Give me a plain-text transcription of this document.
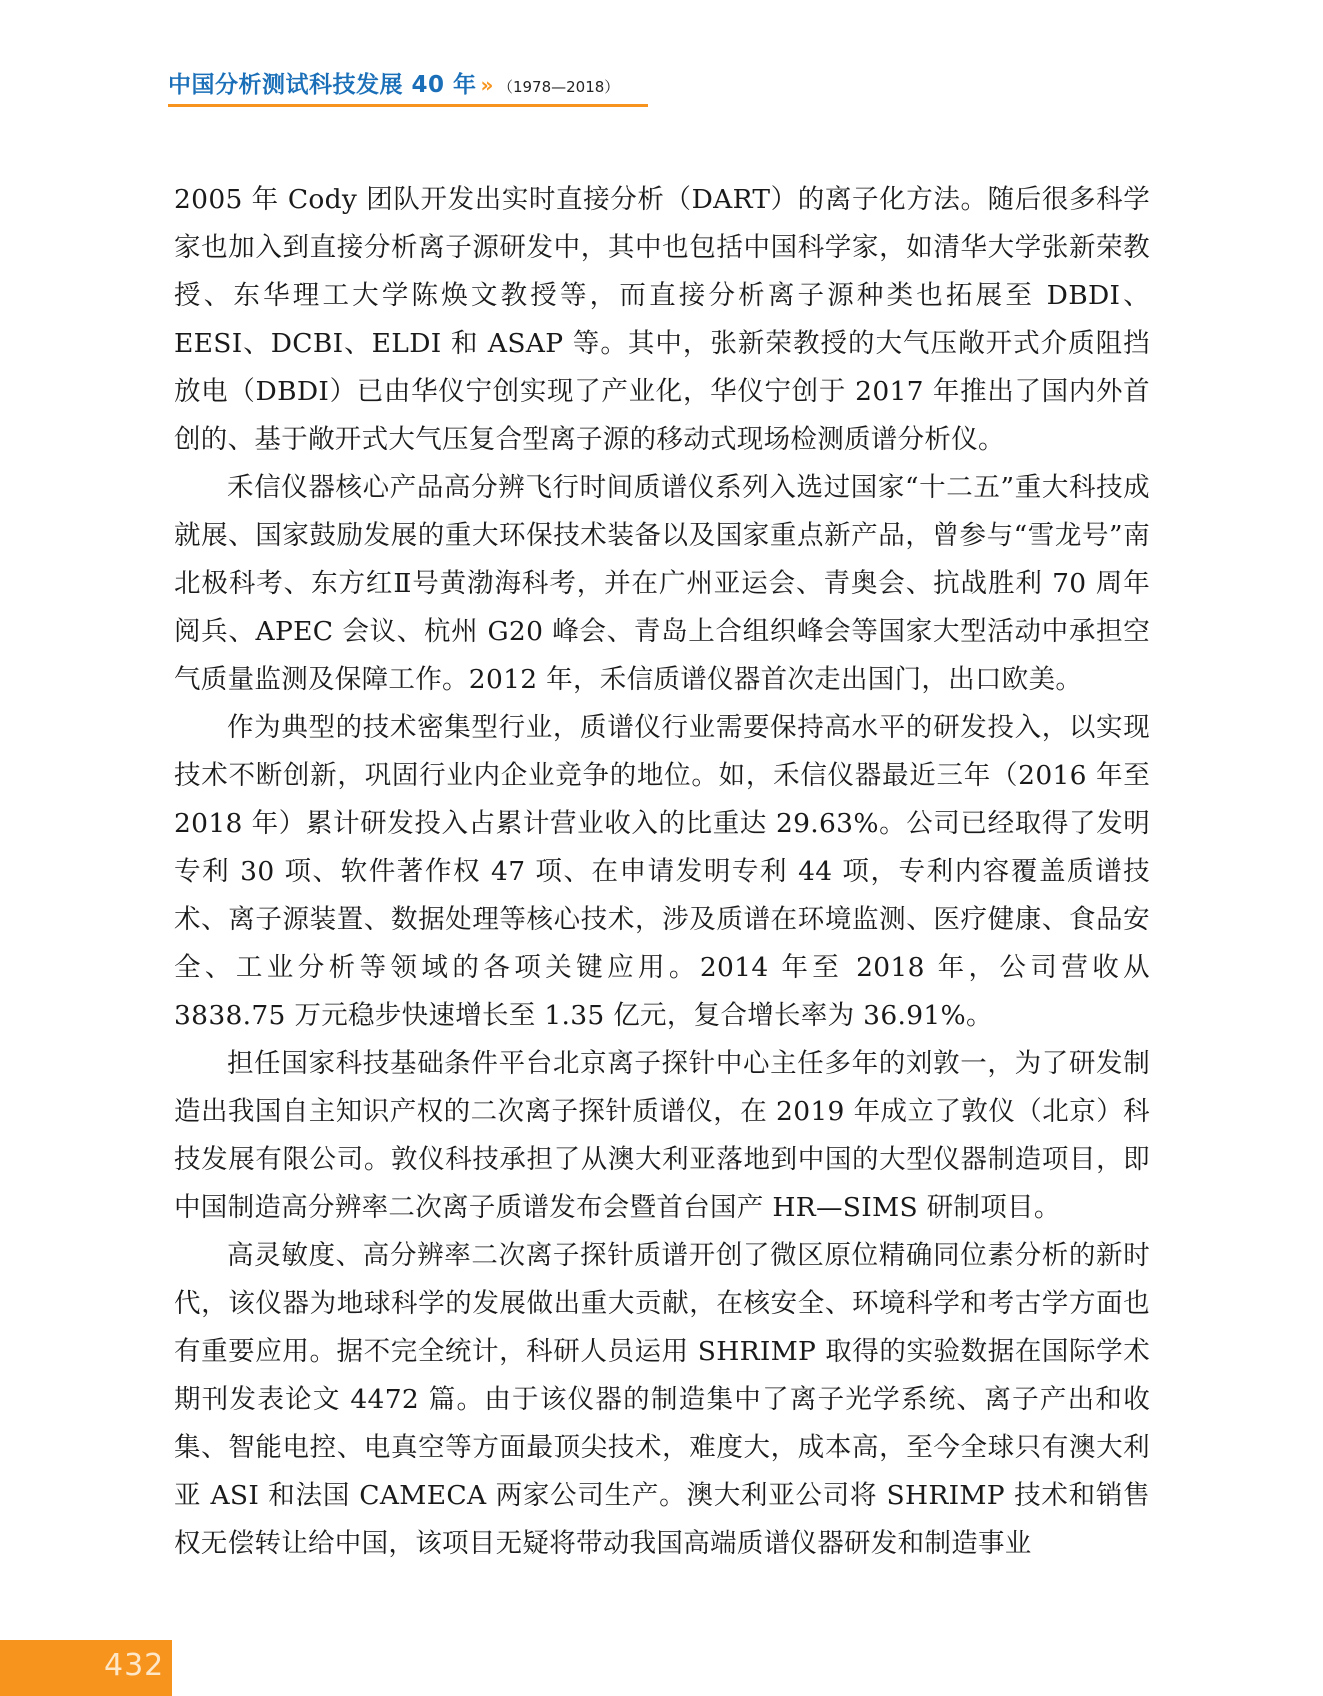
中国分析测试科技发展 40 年 » （1978—2018）

2005 年 Cody 团队开发出实时直接分析（DART）的离子化方法。随后很多科学家也加入到直接分析离子源研发中，其中也包括中国科学家，如清华大学张新荣教授、东华理工大学陈焕文教授等，而直接分析离子源种类也拓展至 DBDI、EESI、DCBI、ELDI 和 ASAP 等。其中，张新荣教授的大气压敞开式介质阻挡放电（DBDI）已由华仪宁创实现了产业化，华仪宁创于 2017 年推出了国内外首创的、基于敞开式大气压复合型离子源的移动式现场检测质谱分析仪。

禾信仪器核心产品高分辨飞行时间质谱仪系列入选过国家“十二五”重大科技成就展、国家鼓励发展的重大环保技术装备以及国家重点新产品，曾参与“雪龙号”南北极科考、东方红Ⅱ号黄渤海科考，并在广州亚运会、青奥会、抗战胜利 70 周年阅兵、APEC 会议、杭州 G20 峰会、青岛上合组织峰会等国家大型活动中承担空气质量监测及保障工作。2012 年，禾信质谱仪器首次走出国门，出口欧美。

作为典型的技术密集型行业，质谱仪行业需要保持高水平的研发投入，以实现技术不断创新，巩固行业内企业竞争的地位。如，禾信仪器最近三年（2016 年至 2018 年）累计研发投入占累计营业收入的比重达 29.63%。公司已经取得了发明专利 30 项、软件著作权 47 项、在申请发明专利 44 项，专利内容覆盖质谱技术、离子源装置、数据处理等核心技术，涉及质谱在环境监测、医疗健康、食品安全、工业分析等领域的各项关键应用。2014 年至 2018 年，公司营收从 3838.75 万元稳步快速增长至 1.35 亿元，复合增长率为 36.91%。

担任国家科技基础条件平台北京离子探针中心主任多年的刘敦一，为了研发制造出我国自主知识产权的二次离子探针质谱仪，在 2019 年成立了敦仪（北京）科技发展有限公司。敦仪科技承担了从澳大利亚落地到中国的大型仪器制造项目，即中国制造高分辨率二次离子质谱发布会暨首台国产 HR—SIMS 研制项目。

高灵敏度、高分辨率二次离子探针质谱开创了微区原位精确同位素分析的新时代，该仪器为地球科学的发展做出重大贡献，在核安全、环境科学和考古学方面也有重要应用。据不完全统计，科研人员运用 SHRIMP 取得的实验数据在国际学术期刊发表论文 4472 篇。由于该仪器的制造集中了离子光学系统、离子产出和收集、智能电控、电真空等方面最顶尖技术，难度大，成本高，至今全球只有澳大利亚 ASI 和法国 CAMECA 两家公司生产。澳大利亚公司将 SHRIMP 技术和销售权无偿转让给中国，该项目无疑将带动我国高端质谱仪器研发和制造事业

432
